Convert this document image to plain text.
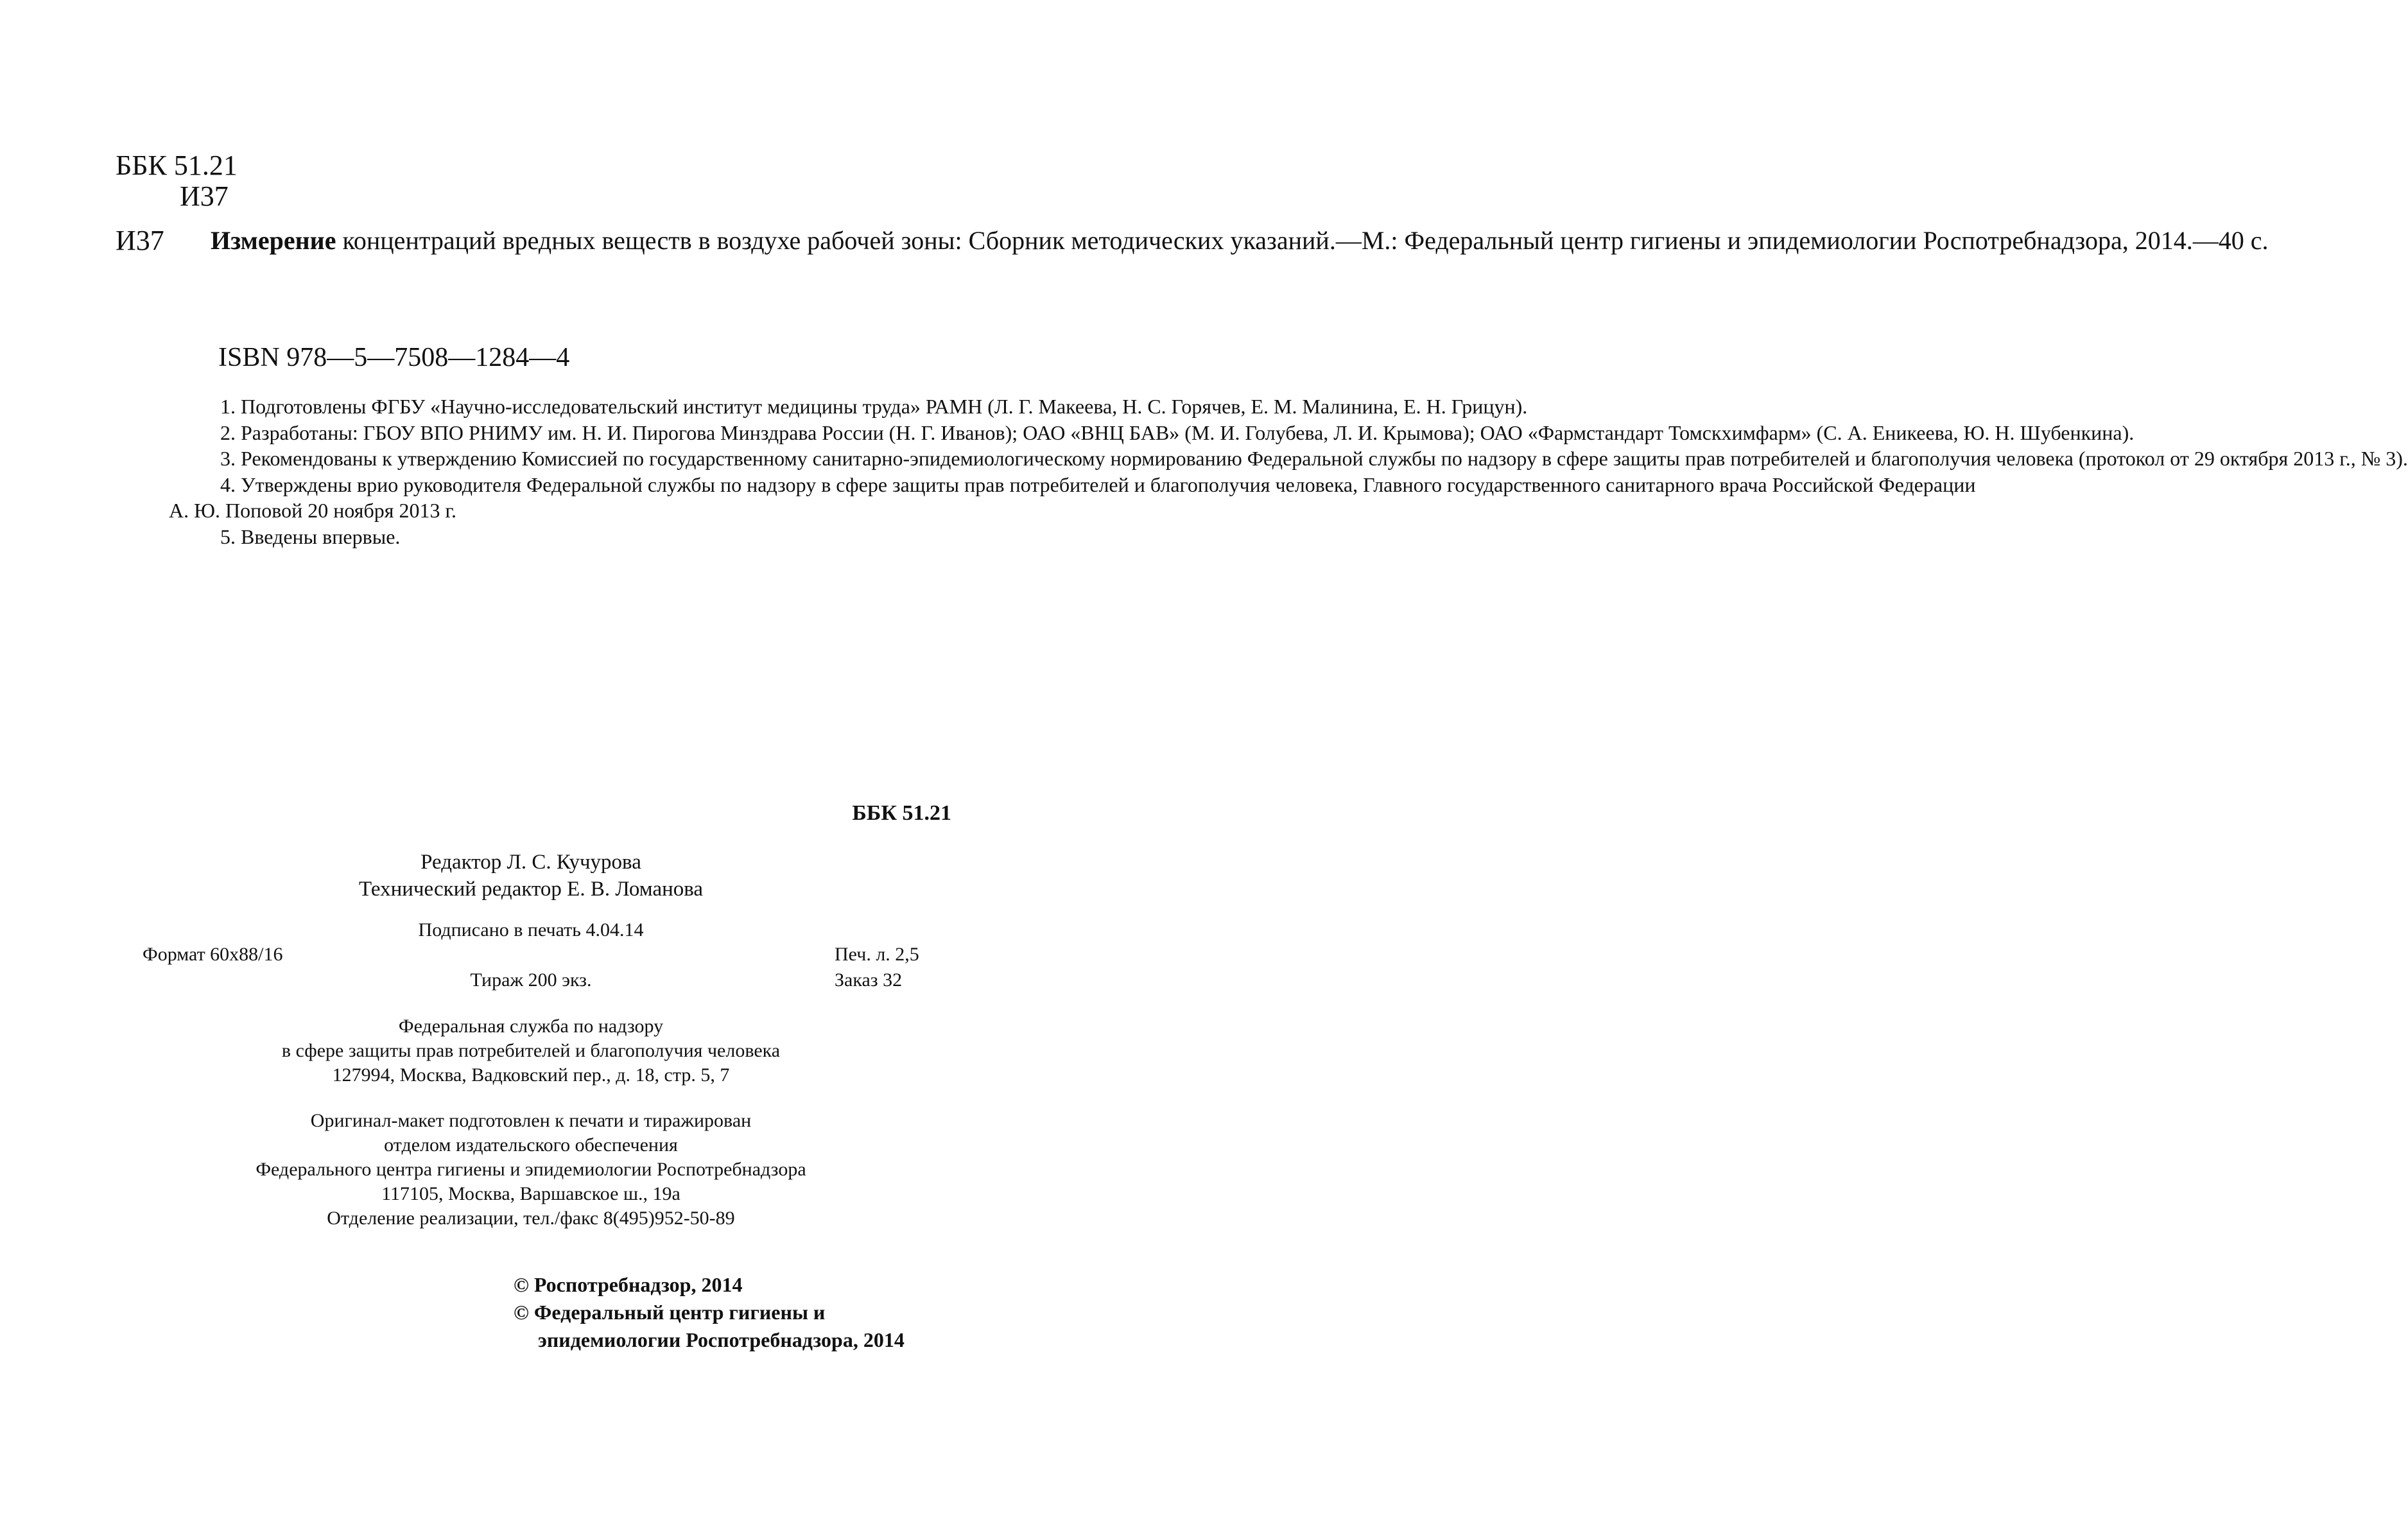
ББК 51.21
И37
И37 Измерение концентраций вредных веществ в воздухе рабочей зоны: Сборник методических указаний.—М.: Федеральный центр гигиены и эпидемиологии Роспотребнадзора, 2014.—40 с.
ISBN 978—5—7508—1284—4
1. Подготовлены ФГБУ «Научно-исследовательский институт медицины труда» РАМН (Л. Г. Макеева, Н. С. Горячев, Е. М. Малинина, Е. Н. Грицун).
2. Разработаны: ГБОУ ВПО РНИМУ им. Н. И. Пирогова Минздрава России (Н. Г. Иванов); ОАО «ВНЦ БАВ» (М. И. Голубева, Л. И. Крымова); ОАО «Фармстандарт Томскхимфарм» (С. А. Еникеева, Ю. Н. Шубенкина).
3. Рекомендованы к утверждению Комиссией по государственному санитарно-эпидемиологическому нормированию Федеральной службы по надзору в сфере защиты прав потребителей и благополучия человека (протокол от 29 октября 2013 г., № 3).
4. Утверждены врио руководителя Федеральной службы по надзору в сфере защиты прав потребителей и благополучия человека, Главного государственного санитарного врача Российской Федерации
А. Ю. Поповой 20 ноября 2013 г.
5. Введены впервые.
ББК 51.21
Редактор Л. С. Кучурова
Технический редактор Е. В. Ломанова
Подписано в печать 4.04.14
Формат 60x88/16	Печ. л. 2,5
Тираж 200 экз.	Заказ 32
Федеральная служба по надзору
в сфере защиты прав потребителей и благополучия человека
127994, Москва, Вадковский пер., д. 18, стр. 5, 7
Оригинал-макет подготовлен к печати и тиражирован
отделом издательского обеспечения
Федерального центра гигиены и эпидемиологии Роспотребнадзора
117105, Москва, Варшавское ш., 19а
Отделение реализации, тел./факс 8(495)952-50-89
© Роспотребнадзор, 2014
© Федеральный центр гигиены и
эпидемиологии Роспотребнадзора, 2014
